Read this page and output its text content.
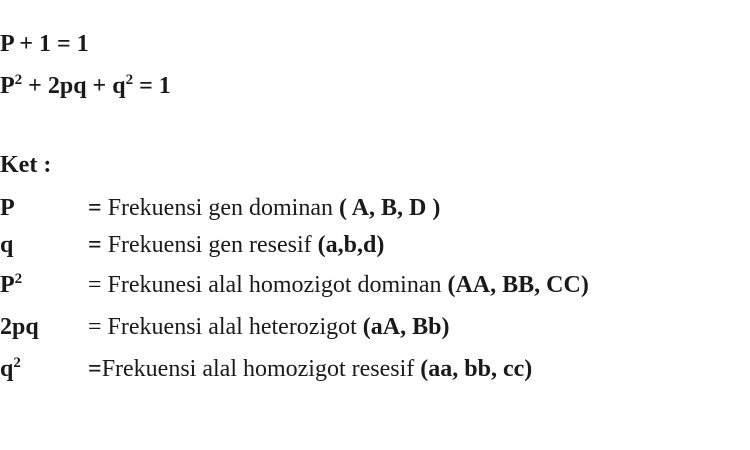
P + 1 = 1
$P^2 + 2pq + q^2 = 1$
Ket :
P	= Frekuensi gen dominan ( A, B, D )
q	= Frekuensi gen resesif (a,b,d)
$P^2$	= Frekunesi alal homozigot dominan (AA, BB, CC)
2pq	= Frekuensi alal heterozigot (aA, Bb)
$q^2$	=Frekuensi alal homozigot resesif (aa, bb, cc)
